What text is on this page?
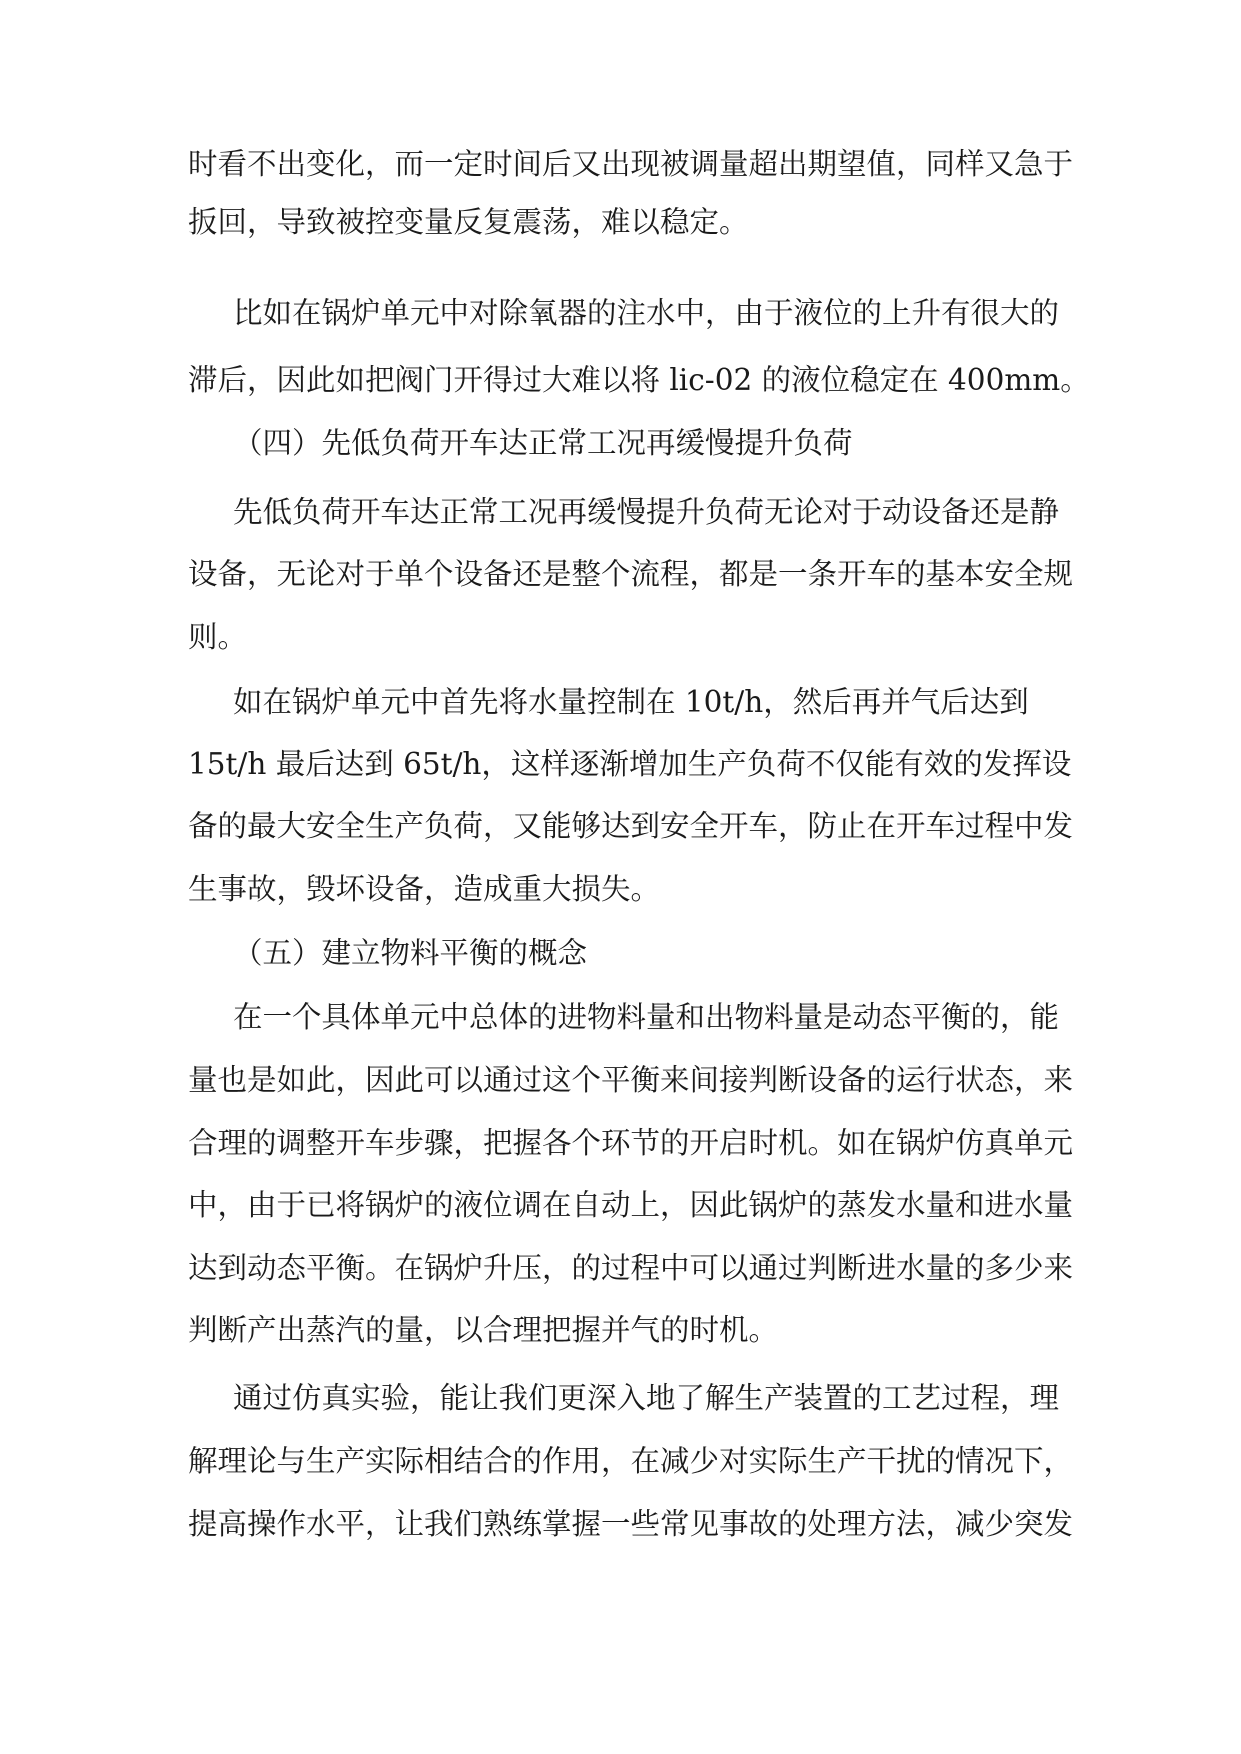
时看不出变化，而一定时间后又出现被调量超出期望值，同样又急于
扳回，导致被控变量反复震荡，难以稳定。
比如在锅炉单元中对除氧器的注水中，由于液位的上升有很大的
滞后，因此如把阀门开得过大难以将 lic-02 的液位稳定在 400mm。
（四）先低负荷开车达正常工况再缓慢提升负荷
先低负荷开车达正常工况再缓慢提升负荷无论对于动设备还是静
设备，无论对于单个设备还是整个流程，都是一条开车的基本安全规
则。
如在锅炉单元中首先将水量控制在 10t/h，然后再并气后达到
15t/h 最后达到 65t/h，这样逐渐增加生产负荷不仅能有效的发挥设
备的最大安全生产负荷，又能够达到安全开车，防止在开车过程中发
生事故，毁坏设备，造成重大损失。
（五）建立物料平衡的概念
在一个具体单元中总体的进物料量和出物料量是动态平衡的，能
量也是如此，因此可以通过这个平衡来间接判断设备的运行状态，来
合理的调整开车步骤，把握各个环节的开启时机。如在锅炉仿真单元
中，由于已将锅炉的液位调在自动上，因此锅炉的蒸发水量和进水量
达到动态平衡。在锅炉升压，的过程中可以通过判断进水量的多少来
判断产出蒸汽的量，以合理把握并气的时机。
通过仿真实验，能让我们更深入地了解生产装置的工艺过程，理
解理论与生产实际相结合的作用，在减少对实际生产干扰的情况下，
提高操作水平，让我们熟练掌握一些常见事故的处理方法，减少突发
